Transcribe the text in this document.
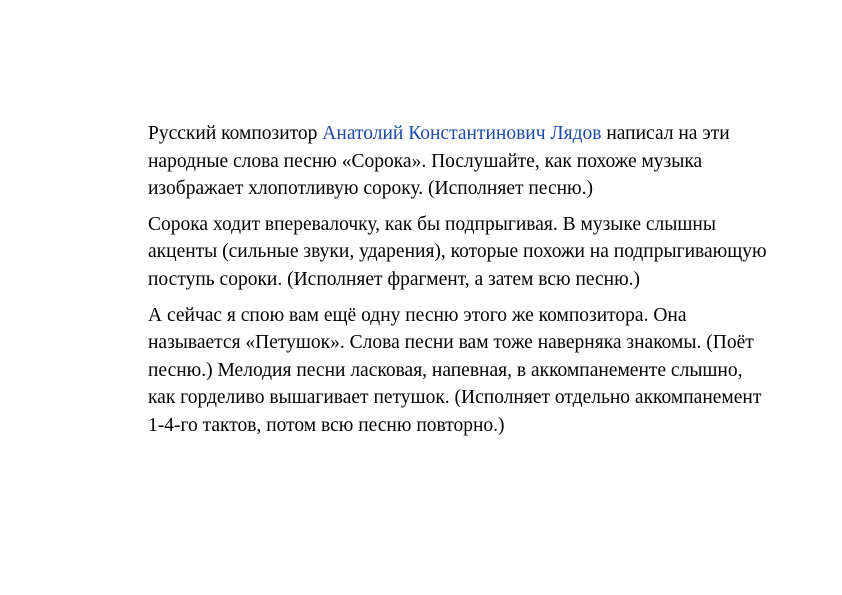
Русский композитор Анатолий Константинович Лядов написал на эти
народные слова песню «Сорока». Послушайте, как похоже музыка
изображает хлопотливую сороку. (Исполняет песню.)

Сорока ходит вперевалочку, как бы подпрыгивая. В музыке слышны
акценты (сильные звуки, ударения), которые похожи на подпрыгивающую
поступь сороки. (Исполняет фрагмент, а затем всю песню.)

А сейчас я спою вам ещё одну песню этого же композитора. Она
называется «Петушок». Слова песни вам тоже наверняка знакомы. (Поёт
песню.) Мелодия песни ласковая, напевная, в аккомпанементе слышно,
как горделиво вышагивает петушок. (Исполняет отдельно аккомпанемент
1-4-го тактов, потом всю песню повторно.)
